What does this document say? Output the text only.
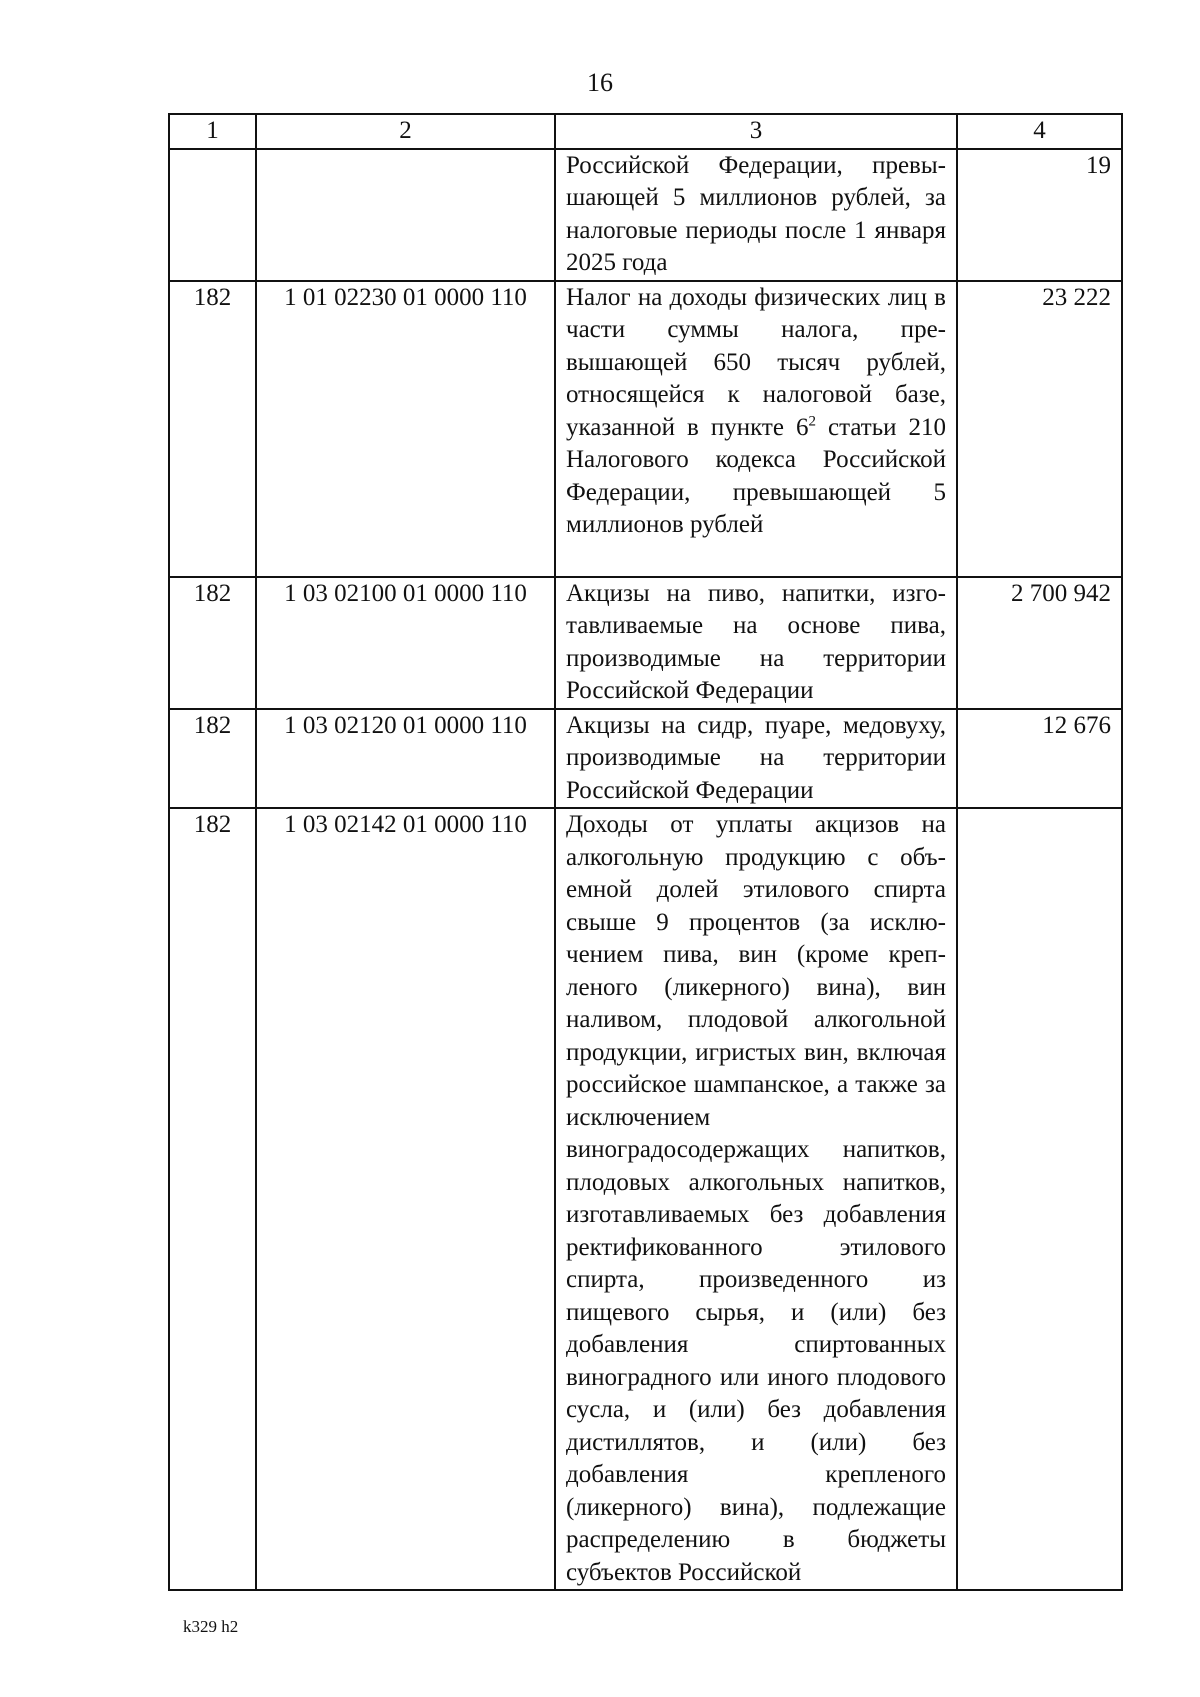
16
1	2	3	4
		Российской Федерации, превышающей 5 миллионов рублей, за налоговые периоды после 1 января 2025 года	19
182	1 01 02230 01 0000 110	Налог на доходы физических лиц в части суммы налога, превышающей 650 тысяч рублей, относящейся к налоговой базе, указанной в пункте $6^2$ статьи 210 Налогового кодекса Российской Федерации, превышающей 5 миллионов рублей	23 222
182	1 03 02100 01 0000 110	Акцизы на пиво, напитки, изготавливаемые на основе пива, производимые на территории Российской Федерации	2 700 942
182	1 03 02120 01 0000 110	Акцизы на сидр, пуаре, медовуху, производимые на территории Российской Федерации	12 676
182	1 03 02142 01 0000 110	Доходы от уплаты акцизов на алкогольную продукцию с объемной долей этилового спирта свыше 9 процентов (за исключением пива, вин (кроме крепленого (ликерного) вина), вин наливом, плодовой алкогольной продукции, игристых вин, включая российское шампанское, а также за исключением виноградосодержащих напитков, плодовых алкогольных напитков, изготавливаемых без добавления ректификованного этилового спирта, произведенного из пищевого сырья, и (или) без добавления спиртованных виноградного или иного плодового сусла, и (или) без добавления дистиллятов, и (или) без добавления крепленого (ликерного) вина), подлежащие распределению в бюджеты субъектов Российской	
k329 h2
